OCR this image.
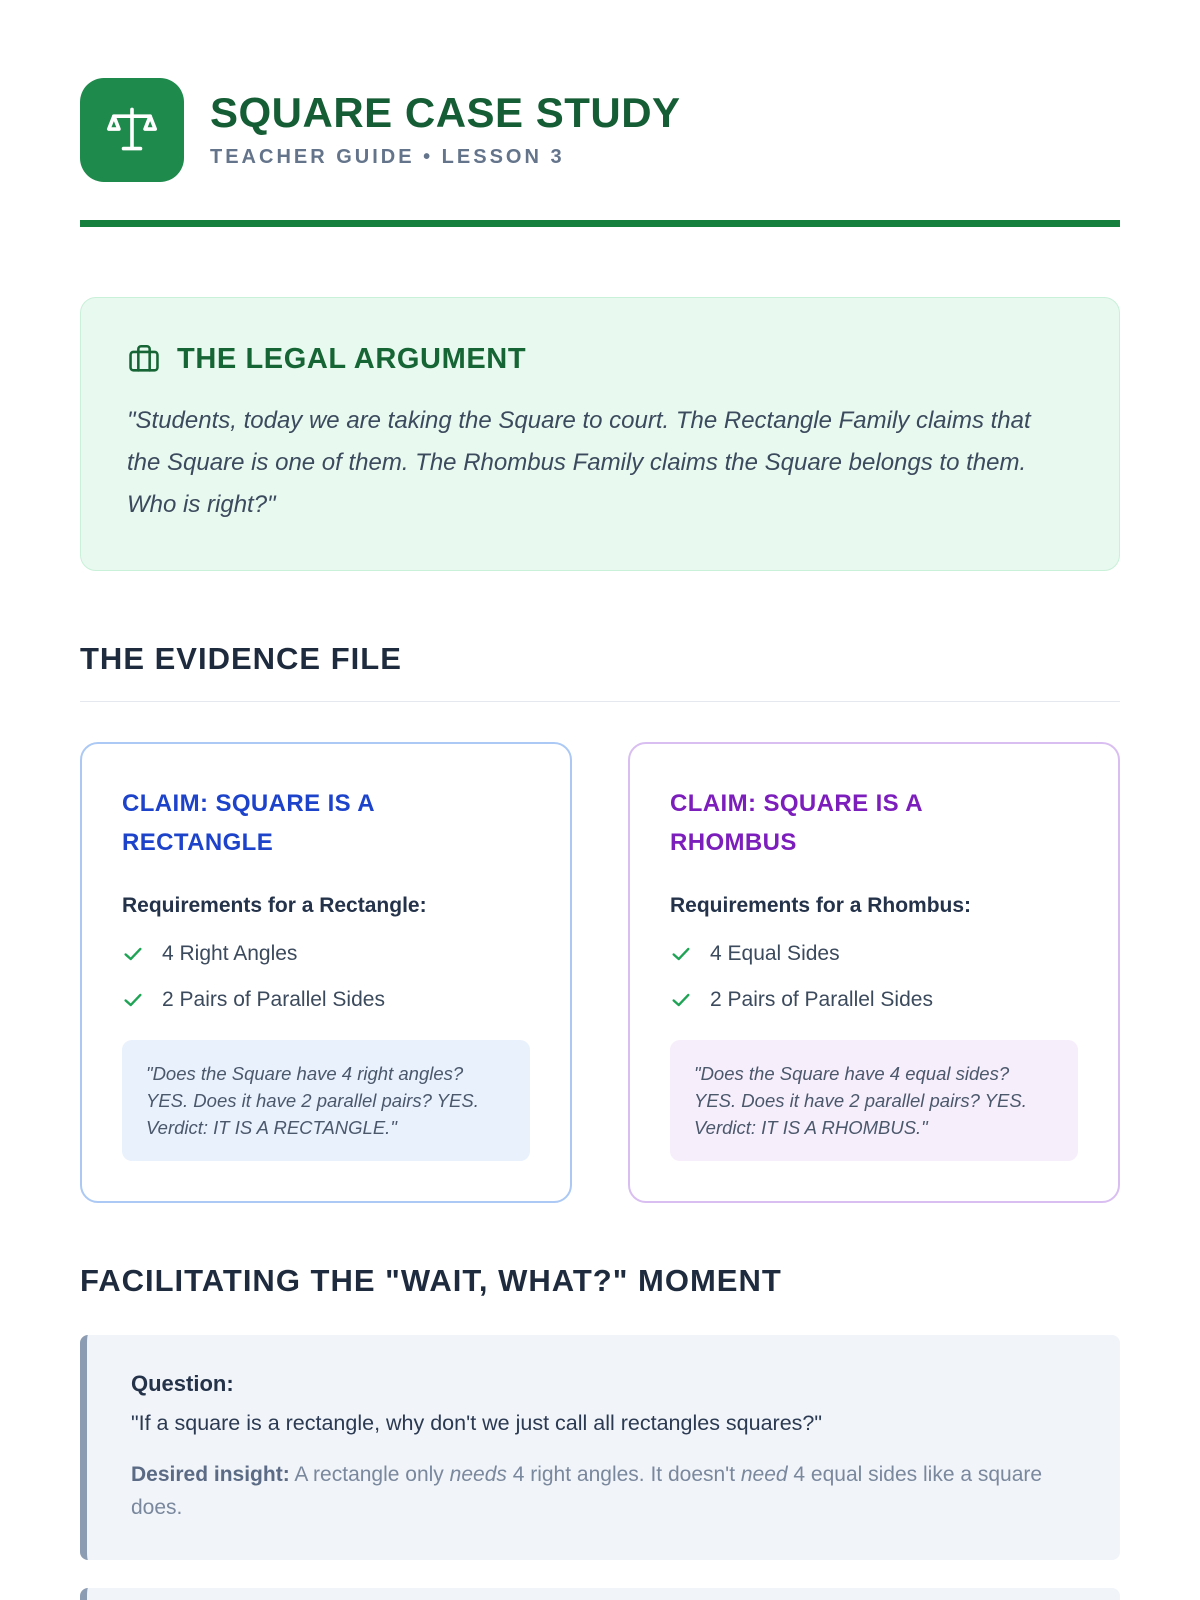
SQUARE CASE STUDY
TEACHER GUIDE • LESSON 3
THE LEGAL ARGUMENT

"Students, today we are taking the Square to court. The Rectangle Family claims that the Square is one of them. The Rhombus Family claims the Square belongs to them. Who is right?"

THE EVIDENCE FILE
CLAIM: SQUARE IS A RECTANGLE
Requirements for a Rectangle:
4 Right Angles
2 Pairs of Parallel Sides
"Does the Square have 4 right angles? YES. Does it have 2 parallel pairs? YES. Verdict: IT IS A RECTANGLE."
CLAIM: SQUARE IS A RHOMBUS
Requirements for a Rhombus:
4 Equal Sides
2 Pairs of Parallel Sides
"Does the Square have 4 equal sides? YES. Does it have 2 parallel pairs? YES. Verdict: IT IS A RHOMBUS."
FACILITATING THE "WAIT, WHAT?" MOMENT
Question:
"If a square is a rectangle, why don't we just call all rectangles squares?"

Desired insight: A rectangle only needs 4 right angles. It doesn't need 4 equal sides like a square does.
